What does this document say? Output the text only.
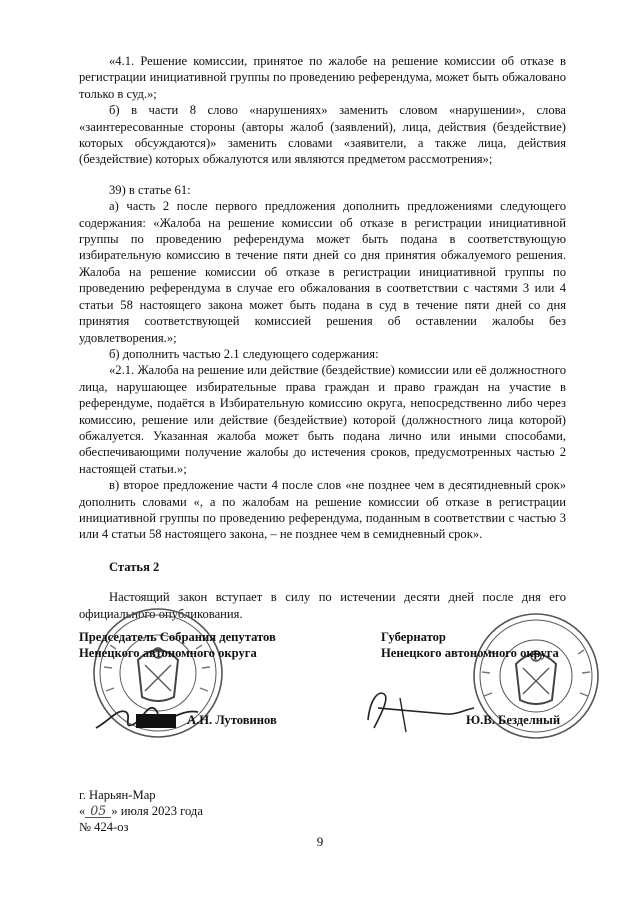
«4.1. Решение комиссии, принятое по жалобе на решение комиссии об отказе в регистрации инициативной группы по проведению референдума, может быть обжаловано только в суд.»;

б) в части 8 слово «нарушениях» заменить словом «нарушении», слова «заинтересованные стороны (авторы жалоб (заявлений), лица, действия (бездействие) которых обсуждаются)» заменить словами «заявители, а также лица, действия (бездействие) которых обжалуются или являются предметом рассмотрения»;

39) в статье 61:

а) часть 2 после первого предложения дополнить предложениями следующего содержания: «Жалоба на решение комиссии об отказе в регистрации инициативной группы по проведению референдума может быть подана в соответствующую избирательную комиссию в течение пяти дней со дня принятия обжалуемого решения. Жалоба на решение комиссии об отказе в регистрации инициативной группы по проведению референдума в случае его обжалования в соответствии с частями 3 или 4 статьи 58 настоящего закона может быть подана в суд в течение пяти дней со дня принятия соответствующей комиссией решения об оставлении жалобы без удовлетворения.»;

б) дополнить частью 2.1 следующего содержания:

«2.1. Жалоба на решение или действие (бездействие) комиссии или её должностного лица, нарушающее избирательные права граждан и право граждан на участие в референдуме, подаётся в Избирательную комиссию округа, непосредственно либо через комиссию, решение или действие (бездействие) которой (должностного лица которой) обжалуется. Указанная жалоба может быть подана лично или иными способами, обеспечивающими получение жалобы до истечения сроков, предусмотренных частью 2 настоящей статьи.»;

в) второе предложение части 4 после слов «не позднее чем в десятидневный срок» дополнить словами «, а по жалобам на решение комиссии об отказе в регистрации инициативной группы по проведению референдума, поданным в соответствии с частью 3 или 4 статьи 58 настоящего закона, – не позднее чем в семидневный срок».

Статья 2

Настоящий закон вступает в силу по истечении десяти дней после дня его официального опубликования.

Председатель Собрания депутатов
Ненецкого автономного округа
Губернатор
Ненецкого автономного округа
А.Н. Лутовинов	Ю.В. Безделный
г. Нарьян-Мар
« 05 » июля 2023 года
№ 424-оз
9
